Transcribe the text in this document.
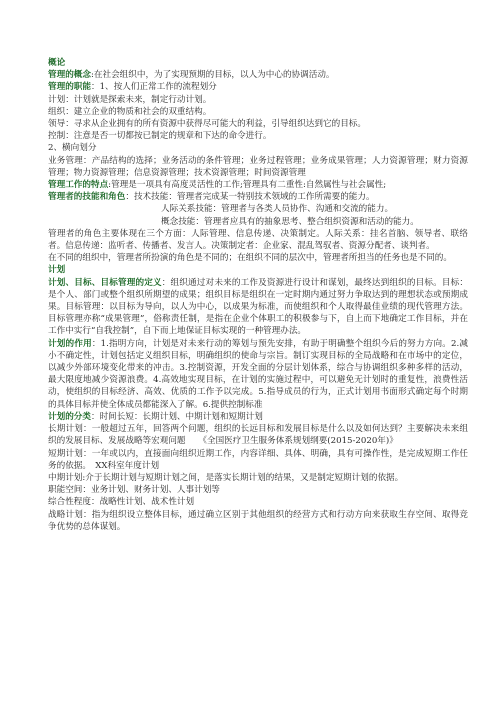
概论
管理的概念:在社会组织中，为了实现预期的目标，以人为中心的协调活动。
管理的职能：1、按人们正常工作的流程划分
计划：计划就是探索未来，制定行动计划。
组织：建立企业的物质和社会的双重结构。
领导：寻求从企业拥有的所有资源中获得尽可能大的利益，引导组织达到它的目标。
控制：注意是否一切都按已制定的规章和下达的命令进行。
2、横向划分
业务管理：产品结构的选择；业务活动的条件管理；业务过程管理；业务成果管理；人力资源管理；财力资源管理；物力资源管理；信息资源管理；技术资源管理；时间资源管理
管理工作的特点:管理是一项具有高度灵活性的工作;管理具有二重性:自然属性与社会属性;
管理者的技能和角色：技术技能：管理者完成某一特别技术领域的工作所需要的能力。
人际关系技能：管理者与各类人员协作、沟通和交流的能力。
概念技能：管理者应具有的抽象思考、整合组织资源和活动的能力。
管理者的角色主要体现在三个方面：人际管理、信息传递、决策制定。人际关系：挂名首脑、领导者、联络者。信息传递：监听者、传播者、发言人。决策制定者：企业家、混乱驾驭者、资源分配者、谈判者。
在不同的组织中，管理者所扮演的角色是不同的；在组织不同的层次中，管理者所担当的任务也是不同的。
计划
计划、目标、目标管理的定义：组织通过对未来的工作及资源进行设计和谋划，最终达到组织的目标。目标：是个人、部门或整个组织所期望的成果；组织目标是组织在一定时期内通过努力争取达到的理想状态或预期成果。目标管理：以目标为导向，以人为中心，以成果为标准，而使组织和个人取得最佳业绩的现代管理方法。目标管理亦称“成果管理”，俗称责任制，是指在企业个体职工的积极参与下，自上而下地确定工作目标，并在工作中实行“自我控制”，自下而上地保证目标实现的一种管理办法。
计划的作用：1.指明方向，计划是对未来行动的筹划与预先安排，有助于明确整个组织今后的努力方向。2.减小不确定性，计划包括定义组织目标，明确组织的使命与宗旨。制订实现目标的全局战略和在市场中的定位，以减少外部环境变化带来的冲击。3.控制资源，开发全面的分层计划体系，综合与协调组织多种多样的活动，最大限度地减少资源浪费。4.高效地实现目标，在计划的实施过程中，可以避免无计划时的重复性，浪费性活动，使组织的目标经济、高效、优质的工作予以完成。5.指导成员的行为，正式计划用书面形式确定每个时期的具体目标并使全体成员都能深入了解。6.提供控制标准
计划的分类：时间长短：长期计划、中期计划和短期计划
长期计划：一般超过五年，回答两个问题，组织的长远目标和发展目标是什么以及如何达到？主要解决未来组织的发展目标、发展战略等宏观问题　　《全国医疗卫生服务体系规划纲要(2015-2020年)》
短期计划：一年或以内，直接面向组织近期工作，内容详细、具体、明确，具有可操作性，是完成短期工作任务的依据。　XX科室年度计划
中期计划:介于长期计划与短期计划之间，是落实长期计划的结果，又是制定短期计划的依据。
职能空间：业务计划、财务计划、人事计划等
综合性程度：战略性计划、战术性计划
战略计划：指为组织设立整体目标，通过确立区别于其他组织的经营方式和行动方向来获取生存空间、取得竞争优势的总体谋划。
